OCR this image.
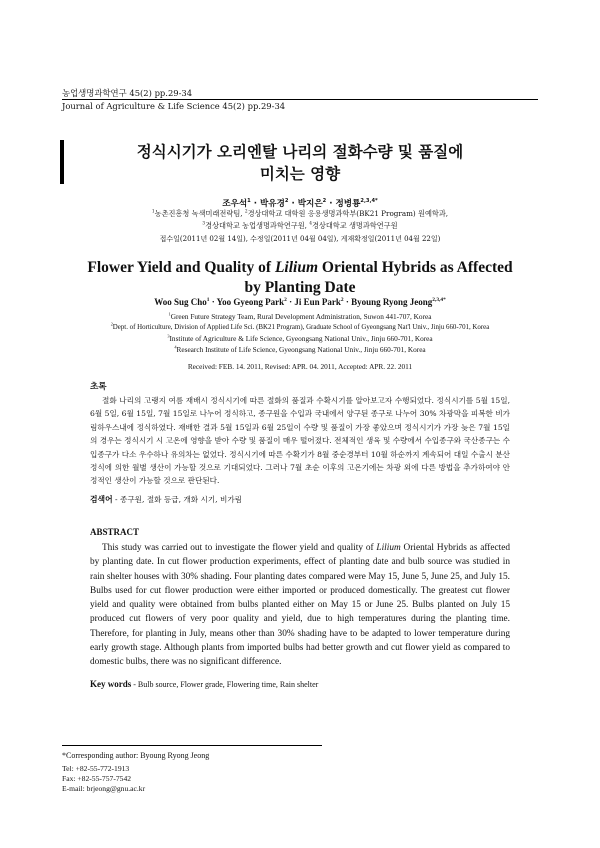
농업생명과학연구 45(2) pp.29-34
Journal of Agriculture & Life Science 45(2) pp.29-34
정식시기가 오리엔탈 나리의 절화수량 및 품질에
미치는 영향
조우석$^1$ · 박유경$^2$ · 박지은$^2$ · 정병룡$^{2,3,4*}$
$^1$농촌진흥청 녹색미래전략팀, $^2$경상대학교 대학원 응용생명과학부(BK21 Program) 원예학과,
$^3$경상대학교 농업생명과학연구원, $^4$경상대학교 생명과학연구원
접수일(2011년 02월 14일), 수정일(2011년 04월 04일), 게재확정일(2011년 04월 22일)
Flower Yield and Quality of Lilium Oriental Hybrids as Affected
by Planting Date
Woo Sug Cho$^1$ · Yoo Gyeong Park$^2$ · Ji Eun Park$^2$ · Byoung Ryong Jeong$^{2,3,4*}$
$^1$Green Future Strategy Team, Rural Development Administration, Suwon 441-707, Korea
$^2$Dept. of Horticulture, Division of Applied Life Sci. (BK21 Program), Graduate School of Gyeongsang Nat'l Univ., Jinju 660-701, Korea
$^3$Institute of Agriculture & Life Science, Gyeongsang National Univ., Jinju 660-701, Korea
$^4$Research Institute of Life Science, Gyeongsang National Univ., Jinju 660-701, Korea
Received: FEB. 14. 2011, Revised: APR. 04. 2011, Accepted: APR. 22. 2011
초록
절화 나리의 고랭지 여름 재배시 정식시기에 따른 절화의 품질과 수확시기를 알아보고자 수행되었다. 정식시기를 5월 15일, 6월 5일, 6월 15일, 7월 15일로 나누어 정식하고, 종구원을 수입과 국내에서 양구된 종구로 나누어 30% 차광막을 피복한 비가림하우스내에 정식하였다. 재배한 결과 5월 15일과 6월 25일이 수량 및 품질이 가장 좋았으며 정식시기가 가장 늦은 7월 15일의 경우는 정식시기 시 고온에 영향을 받아 수량 및 품질이 매우 떨어졌다. 전체적인 생육 및 수량에서 수입종구와 국산종구는 수입종구가 다소 우수하나 유의차는 없었다. 정식시기에 따른 수확기가 8월 중순경부터 10월 하순까지 계속되어 대일 수출시 분산정식에 의한 월별 생산이 가능할 것으로 기대되었다. 그러나 7월 초순 이후의 고온기에는 차광 외에 다른 방법을 추가하여야 안정적인 생산이 가능할 것으로 판단된다.
검색어 - 종구원, 절화 등급, 개화 시기, 비가림
ABSTRACT
This study was carried out to investigate the flower yield and quality of Lilium Oriental Hybrids as affected by planting date. In cut flower production experiments, effect of planting date and bulb source was studied in rain shelter houses with 30% shading. Four planting dates compared were May 15, June 5, June 25, and July 15. Bulbs used for cut flower production were either imported or produced domestically. The greatest cut flower yield and quality were obtained from bulbs planted either on May 15 or June 25. Bulbs planted on July 15 produced cut flowers of very poor quality and yield, due to high temperatures during the planting time. Therefore, for planting in July, means other than 30% shading have to be adapted to lower temperature during early growth stage. Although plants from imported bulbs had better growth and cut flower yield as compared to domestic bulbs, there was no significant difference.
Key words - Bulb source, Flower grade, Flowering time, Rain shelter
*Corresponding author: Byoung Ryong Jeong
Tel: +82-55-772-1913
Fax: +82-55-757-7542
E-mail: brjeong@gnu.ac.kr
